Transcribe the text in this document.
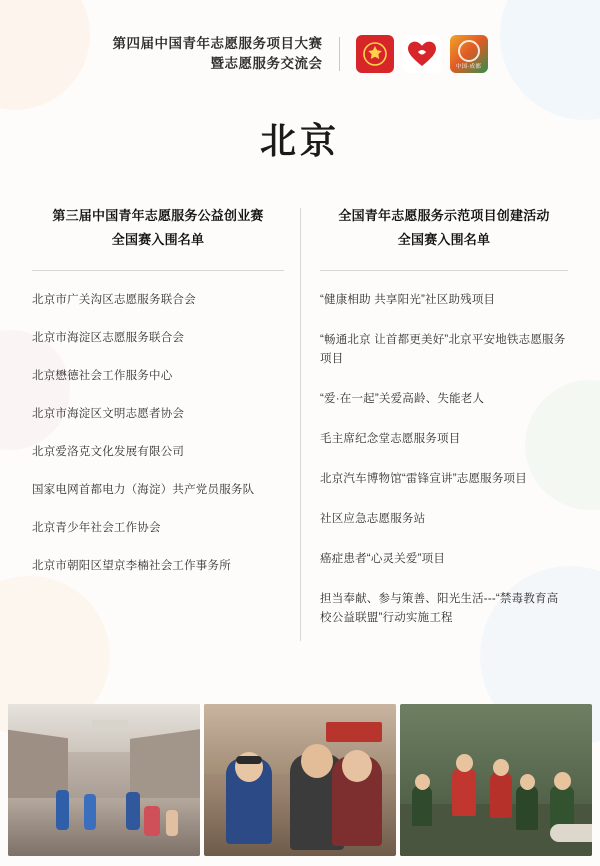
第四届中国青年志愿服务项目大赛
暨志愿服务交流会	中国·成都
北京
第三届中国青年志愿服务公益创业赛
全国赛入围名单
北京市广关沟区志愿服务联合会
北京市海淀区志愿服务联合会
北京懋德社会工作服务中心
北京市海淀区文明志愿者协会
北京爱洛克文化发展有限公司
国家电网首都电力（海淀）共产党员服务队
北京青少年社会工作协会
北京市朝阳区望京李楠社会工作事务所
全国青年志愿服务示范项目创建活动
全国赛入围名单
“健康相助 共享阳光”社区助残项目
“畅通北京 让首都更美好”北京平安地铁志愿服务项目
“爱·在一起”关爱高龄、失能老人
毛主席纪念堂志愿服务项目
北京汽车博物馆“雷锋宣讲”志愿服务项目
社区应急志愿服务站
癌症患者“心灵关爱”项目
担当奉献、参与策善、阳光生活---“禁毒教育高校公益联盟”行动实施工程
